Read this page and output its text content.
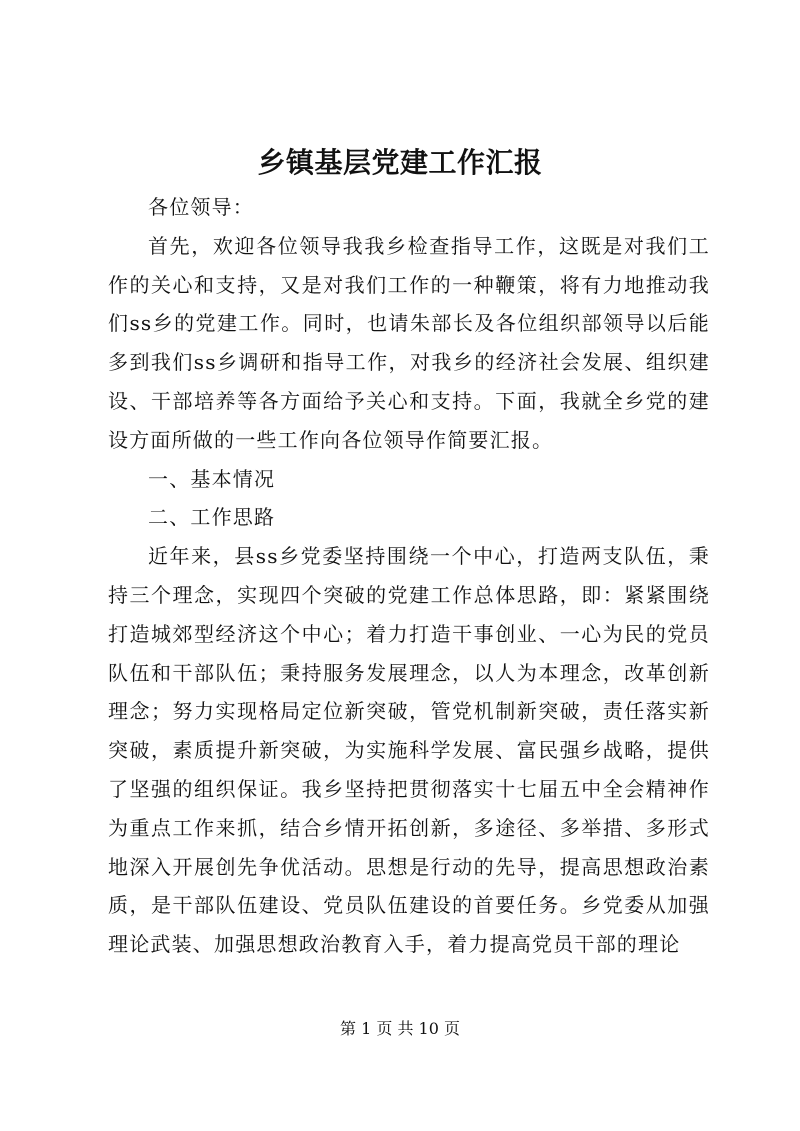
乡镇基层党建工作汇报

各位领导：

首先，欢迎各位领导我我乡检查指导工作，这既是对我们工作的关心和支持，又是对我们工作的一种鞭策，将有力地推动我们ss乡的党建工作。同时，也请朱部长及各位组织部领导以后能多到我们ss乡调研和指导工作，对我乡的经济社会发展、组织建设、干部培养等各方面给予关心和支持。下面，我就全乡党的建设方面所做的一些工作向各位领导作简要汇报。

一、基本情况

二、工作思路

近年来，县ss乡党委坚持围绕一个中心，打造两支队伍，秉持三个理念，实现四个突破的党建工作总体思路，即：紧紧围绕打造城郊型经济这个中心；着力打造干事创业、一心为民的党员队伍和干部队伍；秉持服务发展理念，以人为本理念，改革创新理念；努力实现格局定位新突破，管党机制新突破，责任落实新突破，素质提升新突破，为实施科学发展、富民强乡战略，提供了坚强的组织保证。我乡坚持把贯彻落实十七届五中全会精神作为重点工作来抓，结合乡情开拓创新，多途径、多举措、多形式地深入开展创先争优活动。思想是行动的先导，提高思想政治素质，是干部队伍建设、党员队伍建设的首要任务。乡党委从加强理论武装、加强思想政治教育入手，着力提高党员干部的理论

第 1 页 共 10 页
